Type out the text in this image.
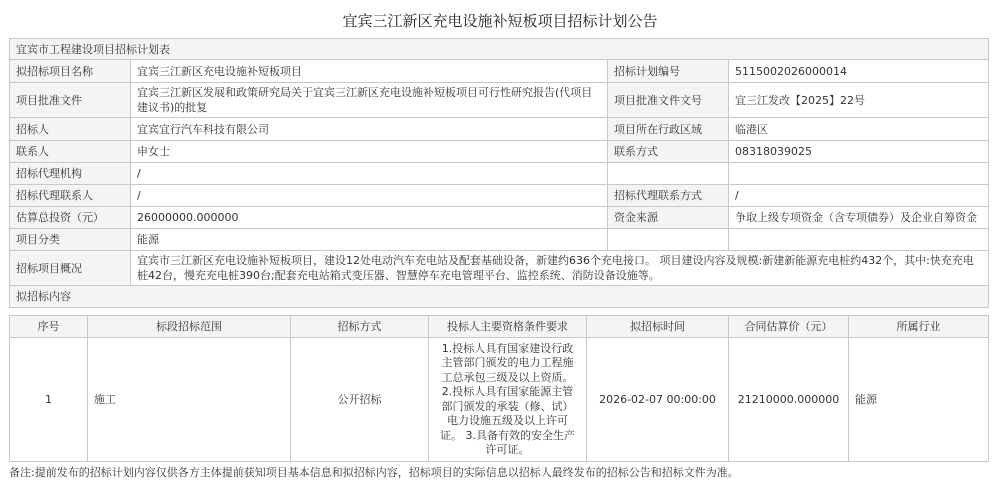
宜宾三江新区充电设施补短板项目招标计划公告
宜宾市工程建设项目招标计划表			
拟招标项目名称	宜宾三江新区充电设施补短板项目	招标计划编号	5115002026000014
项目批准文件	宜宾三江新区发展和政策研究局关于宜宾三江新区充电设施补短板项目可行性研究报告(代项目建议书)的批复	项目批准文件文号	宜三江发改【2025】22号
招标人	宜宾宜行汽车科技有限公司	项目所在行政区域	临港区
联系人	申女士	联系方式	08318039025
招标代理机构	/		
招标代理联系人	/	招标代理联系方式	/
估算总投资（元）	26000000.000000	资金来源	争取上级专项资金（含专项债券）及企业自筹资金
项目分类	能源		
招标项目概况	宜宾市三江新区充电设施补短板项目，建设12处电动汽车充电站及配套基础设备，新建约636个充电接口。 项目建设内容及规模:新建新能源充电桩约432个，其中:快充充电桩42台，慢充充电桩390台;配套充电站箱式变压器、智慧停车充电管理平台、监控系统、消防设备设施等。		
拟招标内容			
序号	标段招标范围	招标方式	投标人主要资格条件要求	拟招标时间	合同估算价（元）	所属行业
1	施工	公开招标	1.投标人具有国家建设行政主管部门颁发的电力工程施工总承包三级及以上资质。 2.投标人具有国家能源主管部门颁发的承装（修、试）电力设施五级及以上许可证。 3.具备有效的安全生产许可证。	2026-02-07 00:00:00	21210000.000000	能源
备注:提前发布的招标计划内容仅供各方主体提前获知项目基本信息和拟招标内容，招标项目的实际信息以招标人最终发布的招标公告和招标文件为准。
